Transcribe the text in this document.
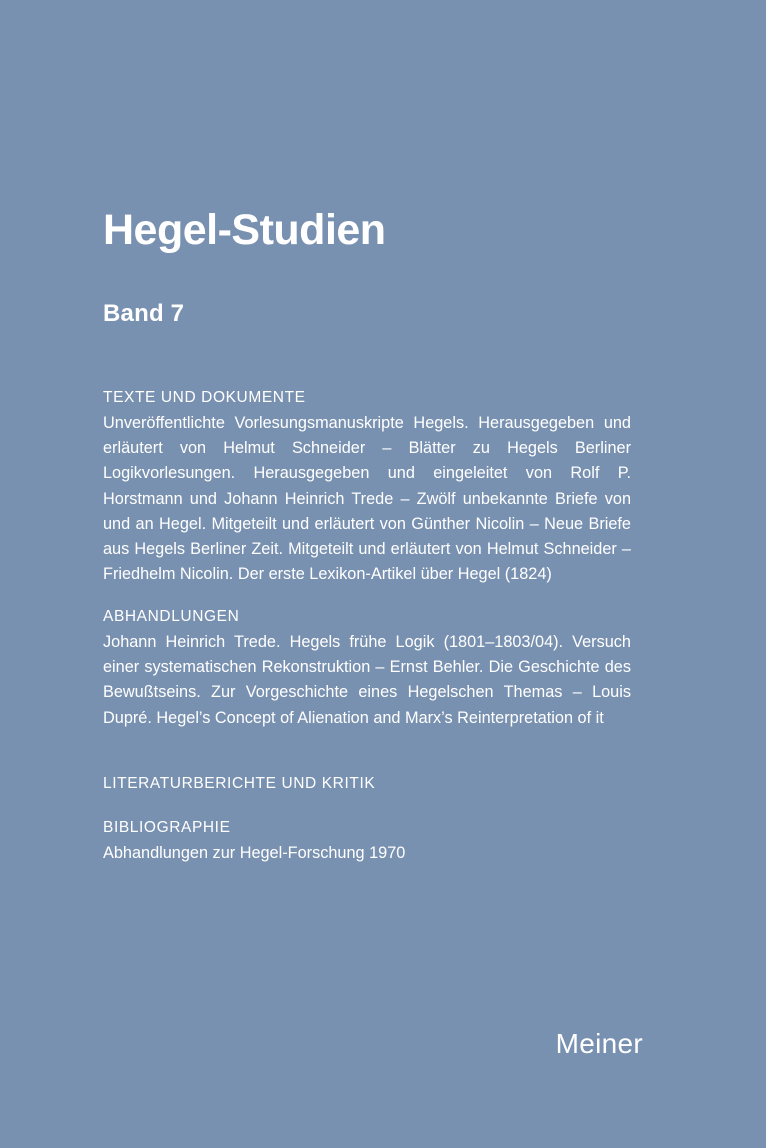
Hegel-Studien
Band 7
TEXTE UND DOKUMENTE

Unveröffentlichte Vorlesungsmanuskripte Hegels. Herausgegeben und erläutert von Helmut Schneider – Blätter zu Hegels Berliner Logikvorlesungen. Herausgegeben und eingeleitet von Rolf P. Horstmann und Johann Heinrich Trede – Zwölf unbekannte Briefe von und an Hegel. Mitgeteilt und erläutert von Günther Nicolin – Neue Briefe aus Hegels Berliner Zeit. Mitgeteilt und erläutert von Helmut Schneider – Friedhelm Nicolin. Der erste Lexikon-Artikel über Hegel (1824)

ABHANDLUNGEN

Johann Heinrich Trede. Hegels frühe Logik (1801–1803/04). Versuch einer systematischen Rekonstruktion – Ernst Behler. Die Geschichte des Bewußtseins. Zur Vorgeschichte eines Hegelschen Themas – Louis Dupré. Hegel’s Concept of Alienation and Marx’s Reinterpretation of it

LITERATURBERICHTE UND KRITIK
BIBLIOGRAPHIE

Abhandlungen zur Hegel-Forschung 1970

Meiner
